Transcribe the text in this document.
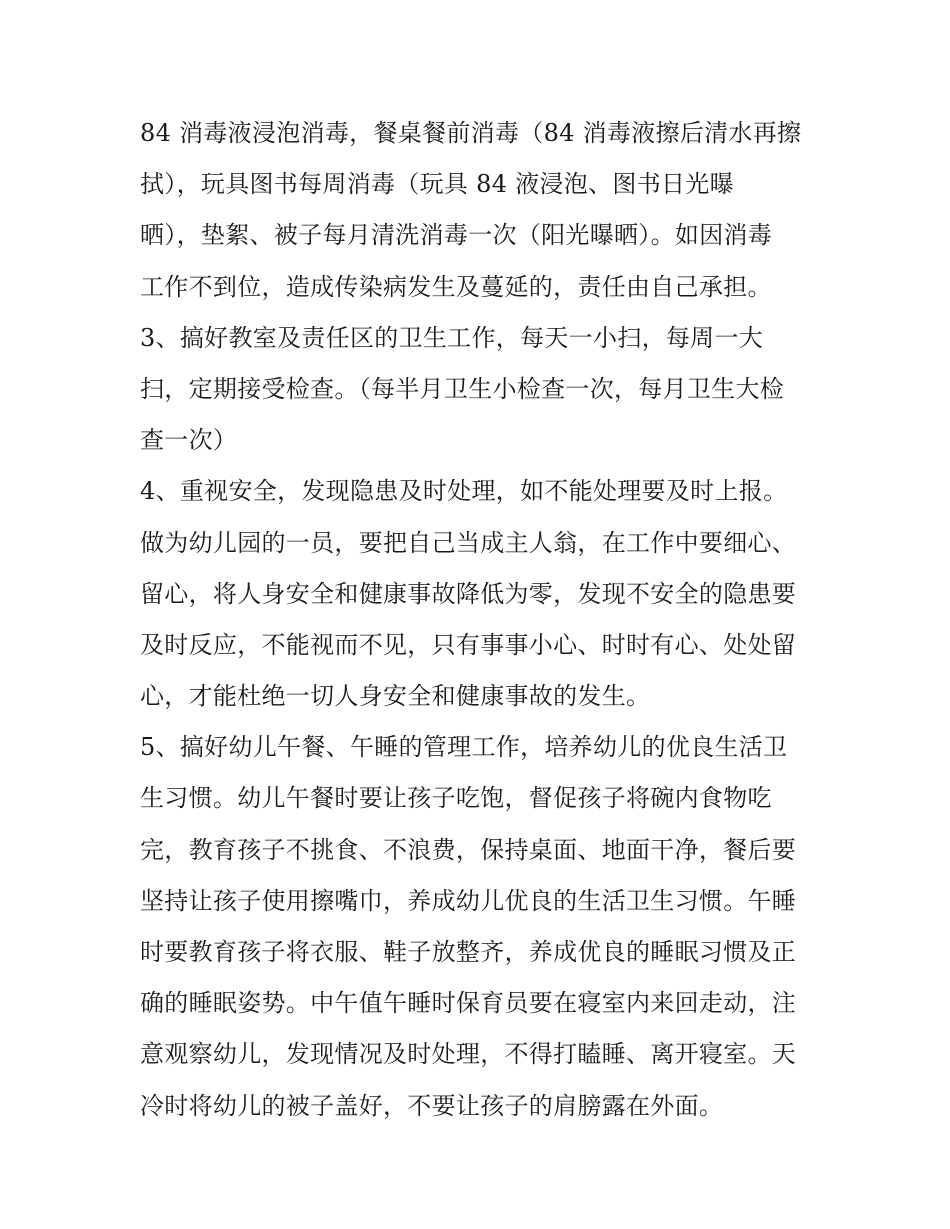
84 消毒液浸泡消毒，餐桌餐前消毒（84 消毒液擦后清水再擦
拭），玩具图书每周消毒（玩具 84 液浸泡、图书日光曝
晒），垫絮、被子每月清洗消毒一次（阳光曝晒）。如因消毒
工作不到位，造成传染病发生及蔓延的，责任由自己承担。
3、搞好教室及责任区的卫生工作，每天一小扫，每周一大
扫，定期接受检查。（每半月卫生小检查一次，每月卫生大检
查一次）
4、重视安全，发现隐患及时处理，如不能处理要及时上报。
做为幼儿园的一员，要把自己当成主人翁，在工作中要细心、
留心，将人身安全和健康事故降低为零，发现不安全的隐患要
及时反应，不能视而不见，只有事事小心、时时有心、处处留
心，才能杜绝一切人身安全和健康事故的发生。
5、搞好幼儿午餐、午睡的管理工作，培养幼儿的优良生活卫
生习惯。幼儿午餐时要让孩子吃饱，督促孩子将碗内食物吃
完，教育孩子不挑食、不浪费，保持桌面、地面干净，餐后要
坚持让孩子使用擦嘴巾，养成幼儿优良的生活卫生习惯。午睡
时要教育孩子将衣服、鞋子放整齐，养成优良的睡眠习惯及正
确的睡眠姿势。中午值午睡时保育员要在寝室内来回走动，注
意观察幼儿，发现情况及时处理，不得打瞌睡、离开寝室。天
冷时将幼儿的被子盖好，不要让孩子的肩膀露在外面。
